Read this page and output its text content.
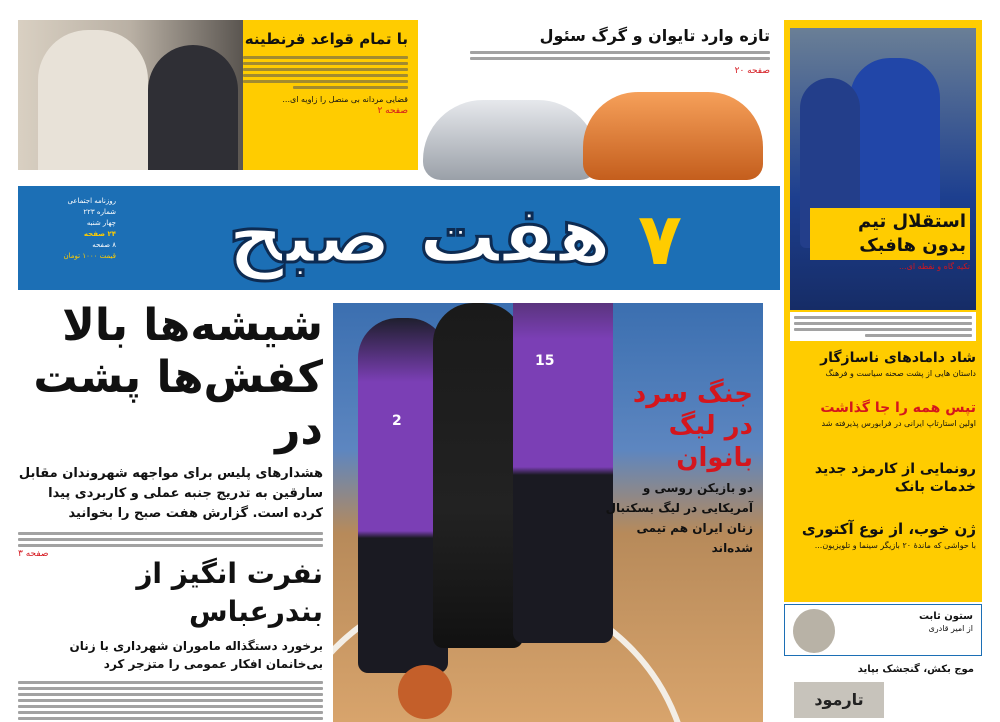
با تمام قواعد قرنطینه
قضایی مردانه بی منصل را زاویه ای...
صفحه ۲
تازه وارد تایوان و گرگ سئول
صفحه ۲۰
روزنامه اجتماعی
شماره ۲۲۳
چهار شنبه
۲۴ صفحه
۸ صفحه
قیمت ۱۰۰۰ تومان هفت صبح ۷	استقلال تیم بدون هافبک
تکیه گاه و نقطه ای...
شاد دامادهای ناسازگار
داستان هایی از پشت صحنه سیاست و فرهنگ
تپس همه را جا گذاشت
اولین استارتاپ ایرانی در فرابورس پذیرفته شد
رونمایی از کارمزد جدید خدمات بانک
ژن خوب، از نوع آکتوری
با حواشی که ماندۀ ۲۰ بازیگر سینما و تلویزیون...
ستون ثابت
از امیر قادری
موج بکش، گنجشک بپاید
تارمود
شیشه‌ها بالا
کفش‌ها پشت در
هشدارهای پلیس برای مواجهه شهروندان مقابل سارقین به تدریج جنبه عملی و کاربردی پیدا کرده است. گزارش هفت صبح را بخوانید
صفحه ۳
نفرت انگیز از بندرعباس
برخورد دستگذاله ماموران شهرداری با زنان بی‌خانمان افکار عمومی را متزجر کرد
2
15
جنگ سرد
در لیگ بانوان
دو بازیکن روسی و آمریکایی در لیگ بسکتبال زنان ایران هم تیمی شده‌اند
